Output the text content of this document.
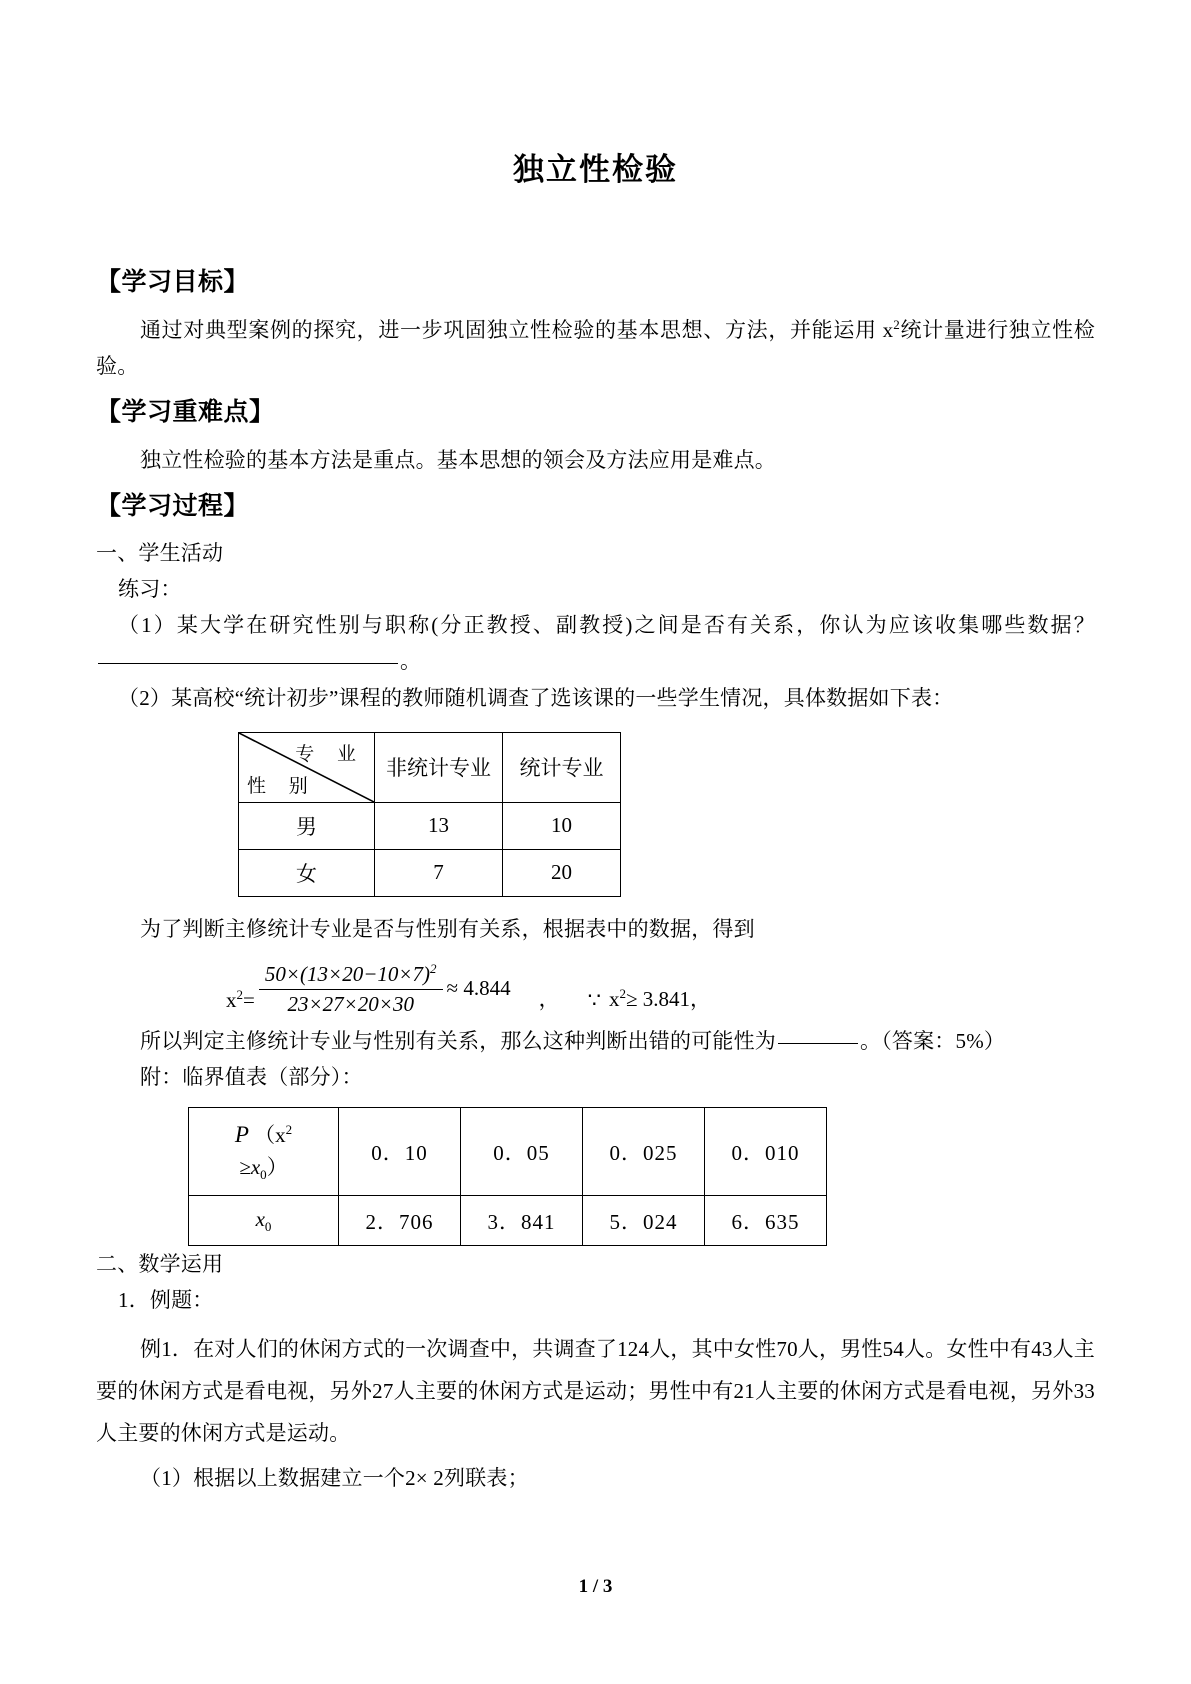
独立性检验
【学习目标】

通过对典型案例的探究，进一步巩固独立性检验的基本思想、方法，并能运用 $x^2$统计量进行独立性检验。

【学习重难点】

独立性检验的基本方法是重点。基本思想的领会及方法应用是难点。

【学习过程】

一、学生活动

练习：

（1）某大学在研究性别与职称(分正教授、副教授)之间是否有关系，你认为应该收集哪些数据？。

（2）某高校“统计初步”课程的教师随机调查了选该课的一些学生情况，具体数据如下表：

专 业
性 别	非统计专业	统计专业
男	13	10
女	7	20

为了判断主修统计专业是否与性别有关系，根据表中的数据，得到

$x^2 = \frac{50\times(13\times 20-10\times 7)^2}{23\times 27\times 20\times 30} \approx 4.844$	，	∵ $x^2\ge 3.841$，

所以判定主修统计专业与性别有关系，那么这种判断出错的可能性为	。（答案：5%）

附：临界值表（部分）：

P （$x^2$
$\ge x_0$）	0．10	0．05	0．025	0．010
$x_0$	2．706	3．841	5．024	6．635

二、数学运用

1．例题：

例1．在对人们的休闲方式的一次调查中，共调查了124人，其中女性70人，男性54人。女性中有43人主要的休闲方式是看电视，另外27人主要的休闲方式是运动；男性中有21人主要的休闲方式是看电视，另外33人主要的休闲方式是运动。

（1）根据以上数据建立一个2× 2列联表；

1 / 3
